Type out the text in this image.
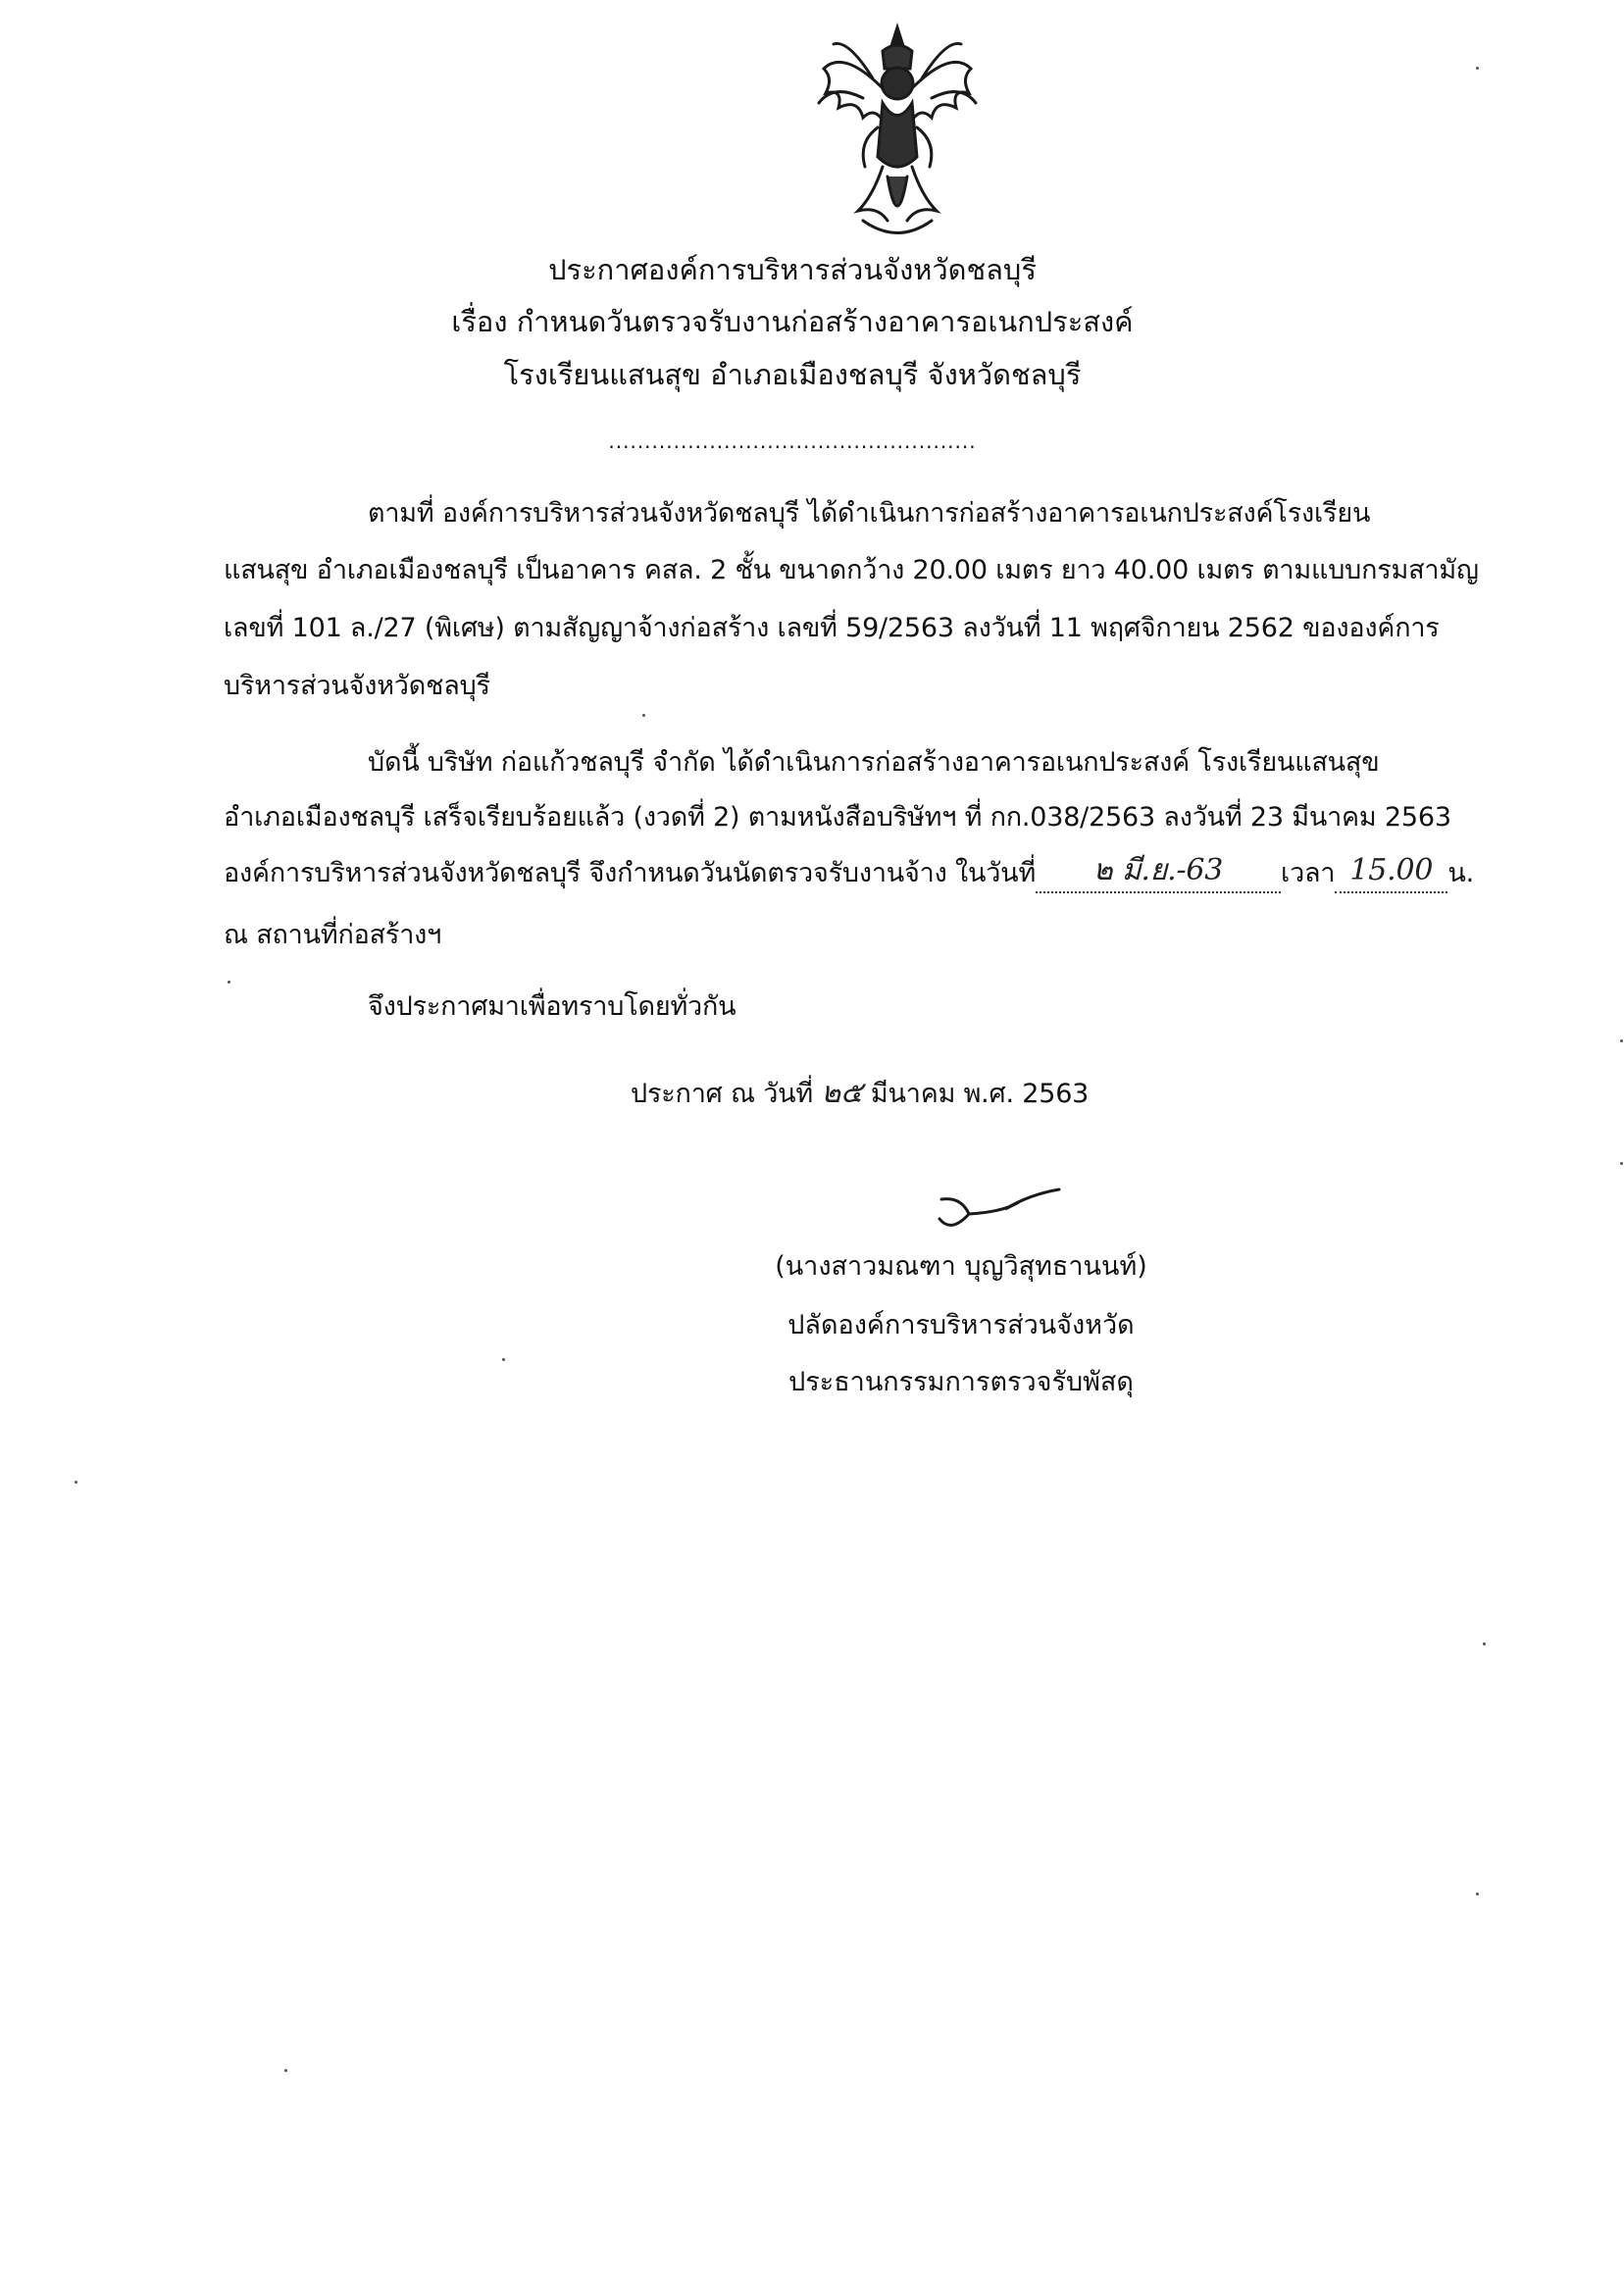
ประกาศองค์การบริหารส่วนจังหวัดชลบุรี
เรื่อง กำหนดวันตรวจรับงานก่อสร้างอาคารอเนกประสงค์
โรงเรียนแสนสุข อำเภอเมืองชลบุรี จังหวัดชลบุรี
...................................................
ตามที่ องค์การบริหารส่วนจังหวัดชลบุรี ได้ดำเนินการก่อสร้างอาคารอเนกประสงค์โรงเรียน
แสนสุข อำเภอเมืองชลบุรี เป็นอาคาร คสล. 2 ชั้น ขนาดกว้าง 20.00 เมตร ยาว 40.00 เมตร ตามแบบกรมสามัญ
เลขที่ 101 ล./27 (พิเศษ) ตามสัญญาจ้างก่อสร้าง เลขที่ 59/2563 ลงวันที่ 11 พฤศจิกายน 2562 ขององค์การ
บริหารส่วนจังหวัดชลบุรี
บัดนี้ บริษัท ก่อแก้วชลบุรี จำกัด ได้ดำเนินการก่อสร้างอาคารอเนกประสงค์ โรงเรียนแสนสุข
อำเภอเมืองชลบุรี เสร็จเรียบร้อยแล้ว (งวดที่ 2) ตามหนังสือบริษัทฯ ที่ กก.038/2563 ลงวันที่ 23 มีนาคม 2563
องค์การบริหารส่วนจังหวัดชลบุรี จึงกำหนดวันนัดตรวจรับงานจ้าง ในวันที่ ๒ มี.ย.-63 เวลา 15.00 น.
ณ สถานที่ก่อสร้างฯ
จึงประกาศมาเพื่อทราบโดยทั่วกัน
ประกาศ ณ วันที่ ๒๕ มีนาคม พ.ศ. 2563
(นางสาวมณฑา บุญวิสุทธานนท์)
ปลัดองค์การบริหารส่วนจังหวัด
ประธานกรรมการตรวจรับพัสดุ
